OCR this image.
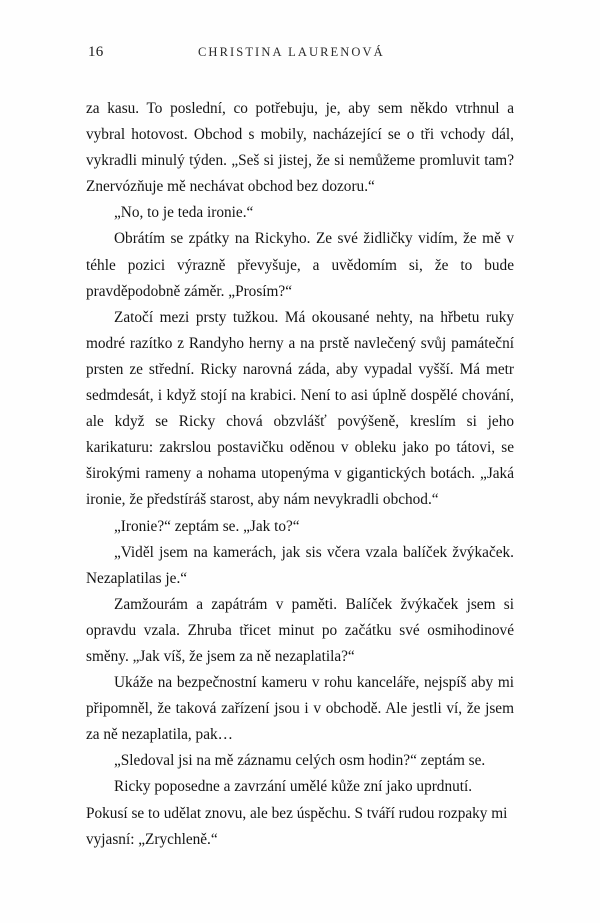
16	CHRISTINA LAURENOVÁ

za kasu. To poslední, co potřebuju, je, aby sem někdo vtrhnul a vybral hotovost. Obchod s mobily, nacházející se o tři vchody dál, vykradli minulý týden. „Seš si jistej, že si nemůžeme promluvit tam? Znervózňuje mě nechávat obchod bez dozoru.“

„No, to je teda ironie.“

Obrátím se zpátky na Rickyho. Ze své židličky vidím, že mě v téhle pozici výrazně převyšuje, a uvědomím si, že to bude pravděpodobně záměr. „Prosím?“

Zatočí mezi prsty tužkou. Má okousané nehty, na hřbetu ruky modré razítko z Randyho herny a na prstě navlečený svůj památeční prsten ze střední. Ricky narovná záda, aby vypadal vyšší. Má metr sedmdesát, i když stojí na krabici. Není to asi úplně dospělé chování, ale když se Ricky chová obzvlášť povýšeně, kreslím si jeho karikaturu: zakrslou postavičku oděnou v obleku jako po tátovi, se širokými rameny a nohama utopenýma v gigantických botách. „Jaká ironie, že předstíráš starost, aby nám nevykradli obchod.“

„Ironie?“ zeptám se. „Jak to?“

„Viděl jsem na kamerách, jak sis včera vzala balíček žvýkaček. Nezaplatilas je.“

Zamžourám a zapátrám v paměti. Balíček žvýkaček jsem si opravdu vzala. Zhruba třicet minut po začátku své osmihodinové směny. „Jak víš, že jsem za ně nezaplatila?“

Ukáže na bezpečnostní kameru v rohu kanceláře, nejspíš aby mi připomněl, že taková zařízení jsou i v obchodě. Ale jestli ví, že jsem za ně nezaplatila, pak…

„Sledoval jsi na mě záznamu celých osm hodin?“ zeptám se.

Ricky poposedne a zavrzání umělé kůže zní jako uprdnutí. Pokusí se to udělat znovu, ale bez úspěchu. S tváří rudou rozpaky mi vyjasní: „Zrychleně.“
